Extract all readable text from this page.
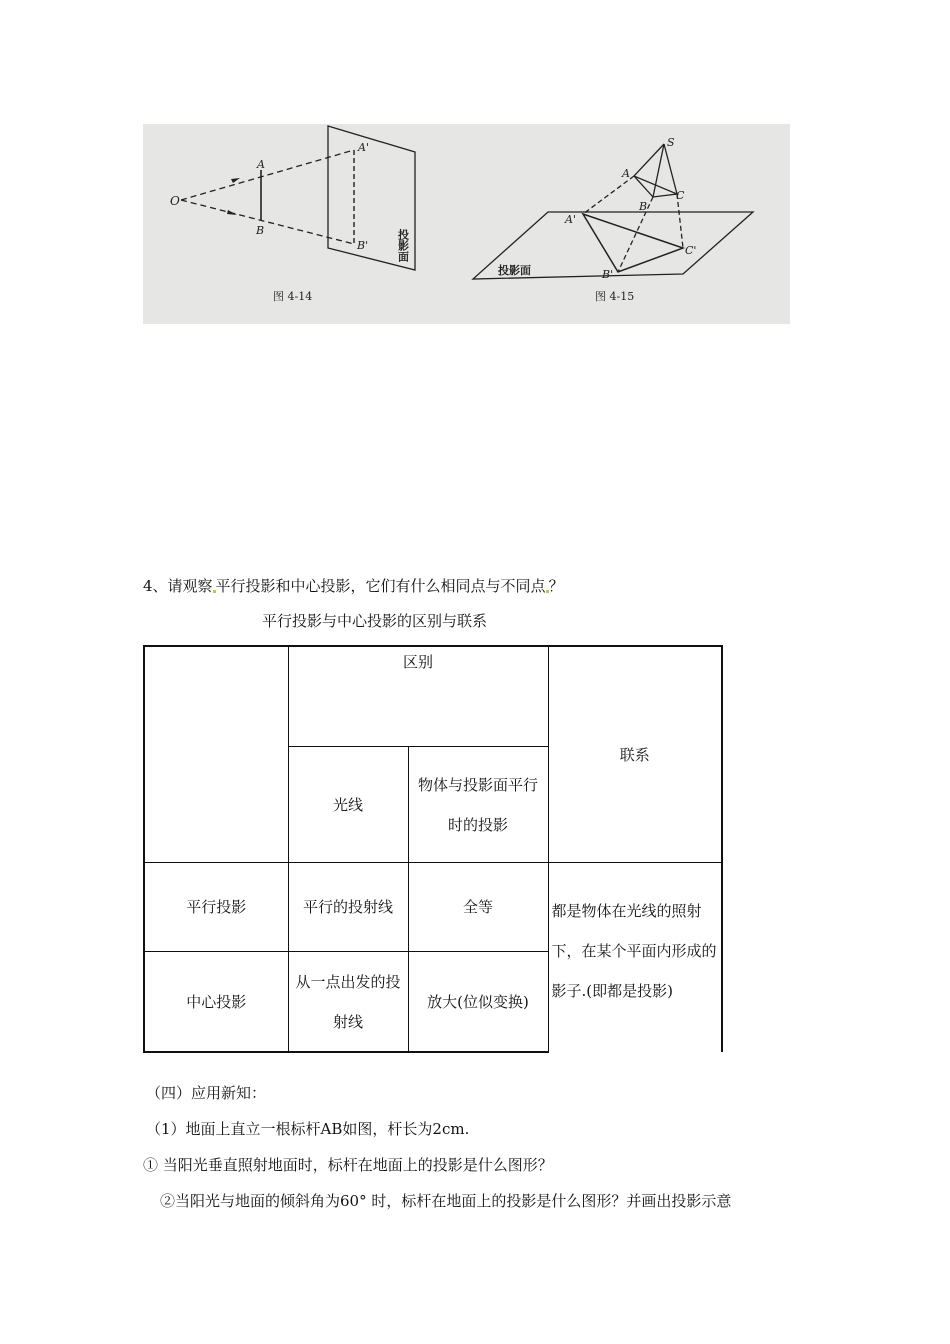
O
A
B
A'
B'	投影面
图 4-14
S
A
B
C
A'
B'
C'
投影面
图 4-15
4、请观察 平行投影和中心投影，它们有什么相同点与不同点 ？
平行投影与中心投影的区别与联系
	区别		联系
	光线	物体与投影面平行时的投影	
平行投影	平行的投射线	全等	都是物体在光线的照射下，在某个平面内形成的影子.(即都是投影)
中心投影	从一点出发的投射线	放大(位似变换)	
（四）应用新知：
（1）地面上直立一根标杆AB如图，杆长为2cm.
① 当阳光垂直照射地面时，标杆在地面上的投影是什么图形？
②当阳光与地面的倾斜角为60° 时，标杆在地面上的投影是什么图形？并画出投影示意
